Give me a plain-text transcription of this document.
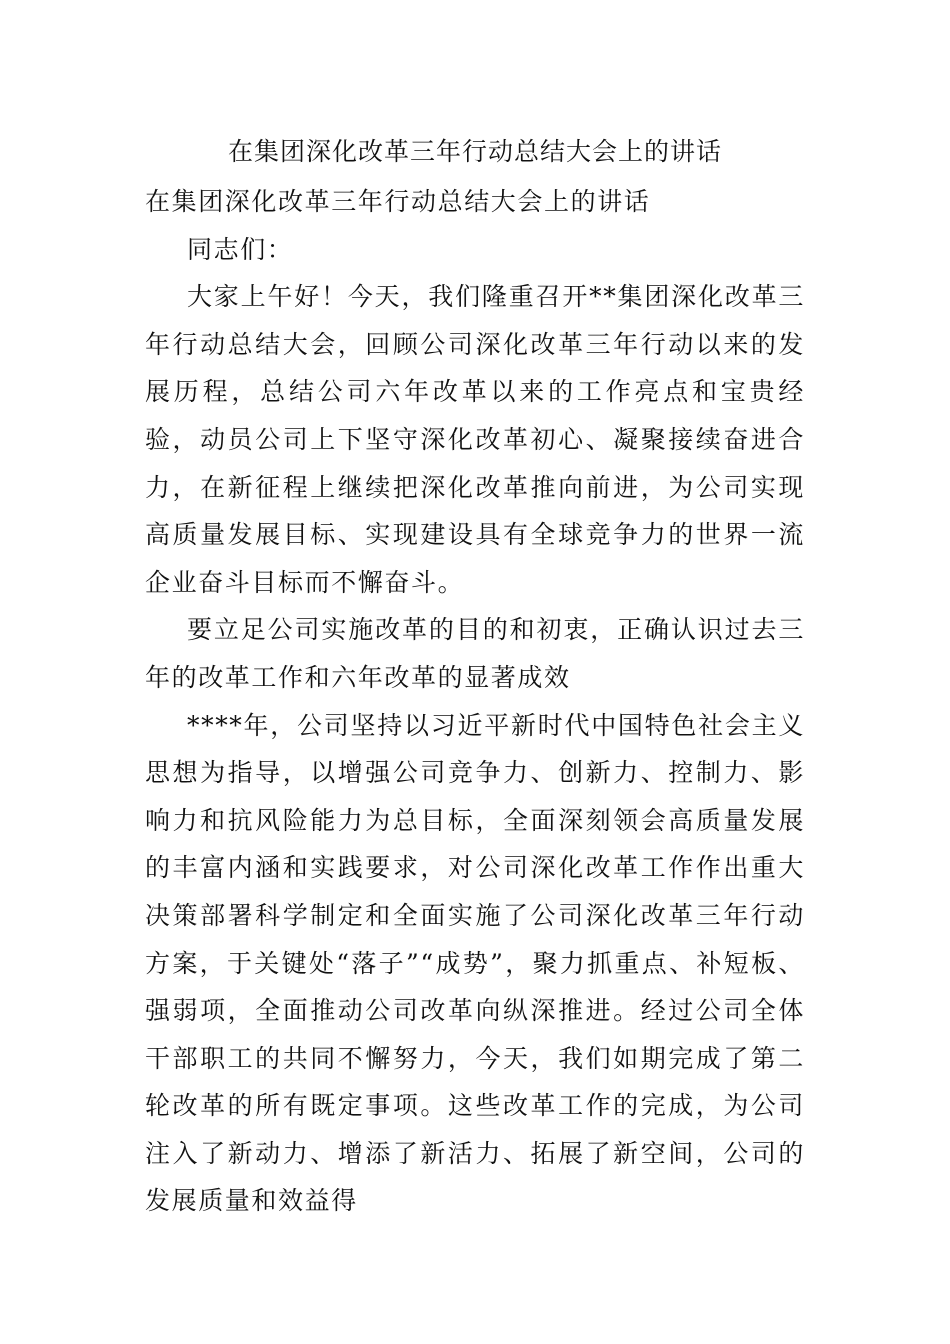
在集团深化改革三年行动总结大会上的讲话

在集团深化改革三年行动总结大会上的讲话

同志们：

大家上午好！今天，我们隆重召开**集团深化改革三年行动总结大会，回顾公司深化改革三年行动以来的发展历程，总结公司六年改革以来的工作亮点和宝贵经验，动员公司上下坚守深化改革初心、凝聚接续奋进合力，在新征程上继续把深化改革推向前进，为公司实现高质量发展目标、实现建设具有全球竞争力的世界一流企业奋斗目标而不懈奋斗。

要立足公司实施改革的目的和初衷，正确认识过去三年的改革工作和六年改革的显著成效

****年，公司坚持以习近平新时代中国特色社会主义思想为指导，以增强公司竞争力、创新力、控制力、影响力和抗风险能力为总目标，全面深刻领会高质量发展的丰富内涵和实践要求，对公司深化改革工作作出重大决策部署科学制定和全面实施了公司深化改革三年行动方案，于关键处“落子”“成势”，聚力抓重点、补短板、强弱项，全面推动公司改革向纵深推进。经过公司全体干部职工的共同不懈努力，今天，我们如期完成了第二轮改革的所有既定事项。这些改革工作的完成，为公司注入了新动力、增添了新活力、拓展了新空间，公司的发展质量和效益得
